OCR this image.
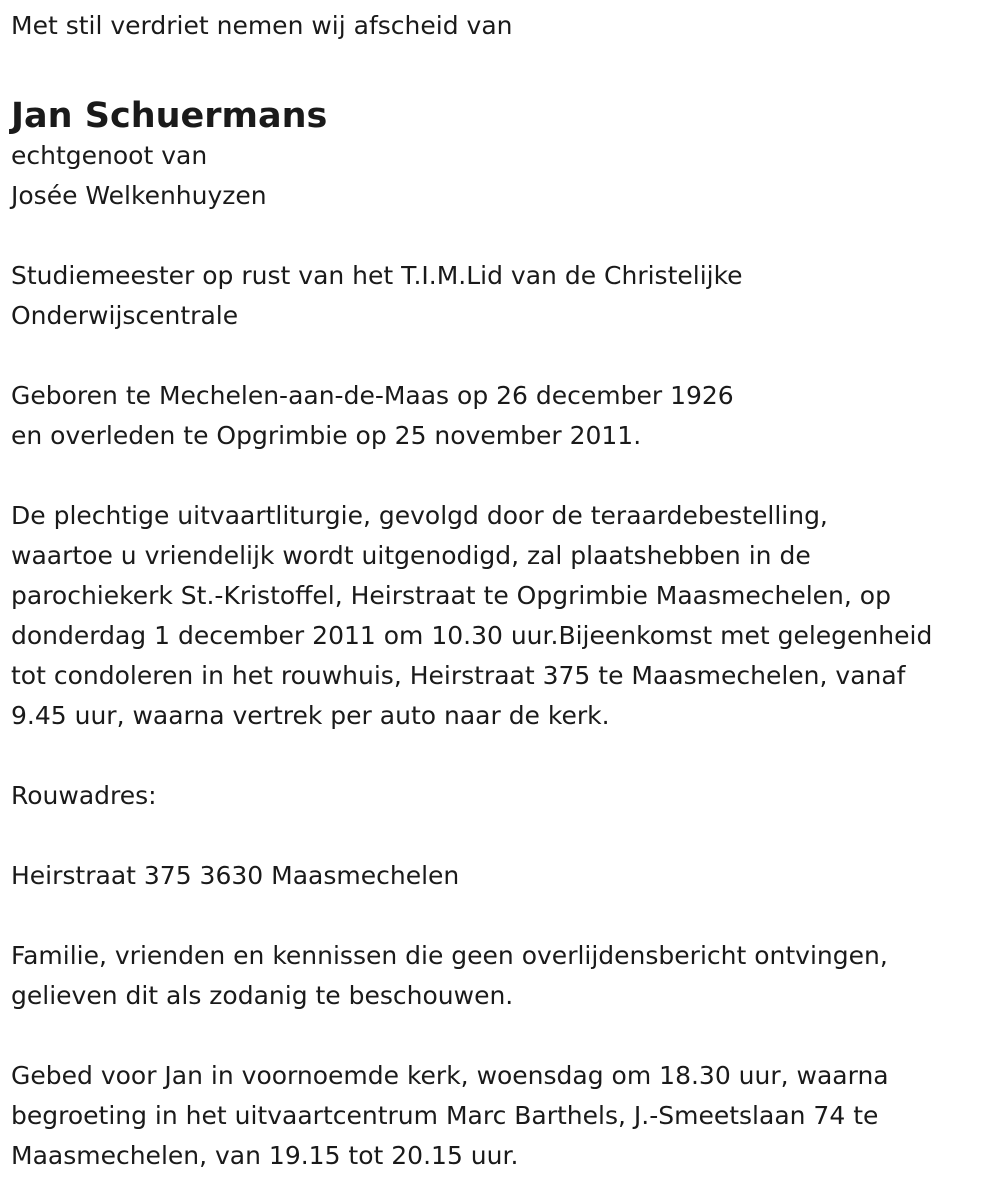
Met stil verdriet nemen wij afscheid van

Jan Schuermans

echtgenoot van

Josée Welkenhuyzen

Studiemeester op rust van het T.I.M.Lid van de Christelijke

Onderwijscentrale

Geboren te Mechelen-aan-de-Maas op 26 december 1926

en overleden te Opgrimbie op 25 november 2011.

De plechtige uitvaartliturgie, gevolgd door de teraardebestelling,

waartoe u vriendelijk wordt uitgenodigd, zal plaatshebben in de

parochiekerk St.-Kristoffel, Heirstraat te Opgrimbie Maasmechelen, op

donderdag 1 december 2011 om 10.30 uur.Bijeenkomst met gelegenheid

tot condoleren in het rouwhuis, Heirstraat 375 te Maasmechelen, vanaf

9.45 uur, waarna vertrek per auto naar de kerk.

Rouwadres:

Heirstraat 375 3630 Maasmechelen

Familie, vrienden en kennissen die geen overlijdensbericht ontvingen,

gelieven dit als zodanig te beschouwen.

Gebed voor Jan in voornoemde kerk, woensdag om 18.30 uur, waarna

begroeting in het uitvaartcentrum Marc Barthels, J.-Smeetslaan 74 te

Maasmechelen, van 19.15 tot 20.15 uur.
